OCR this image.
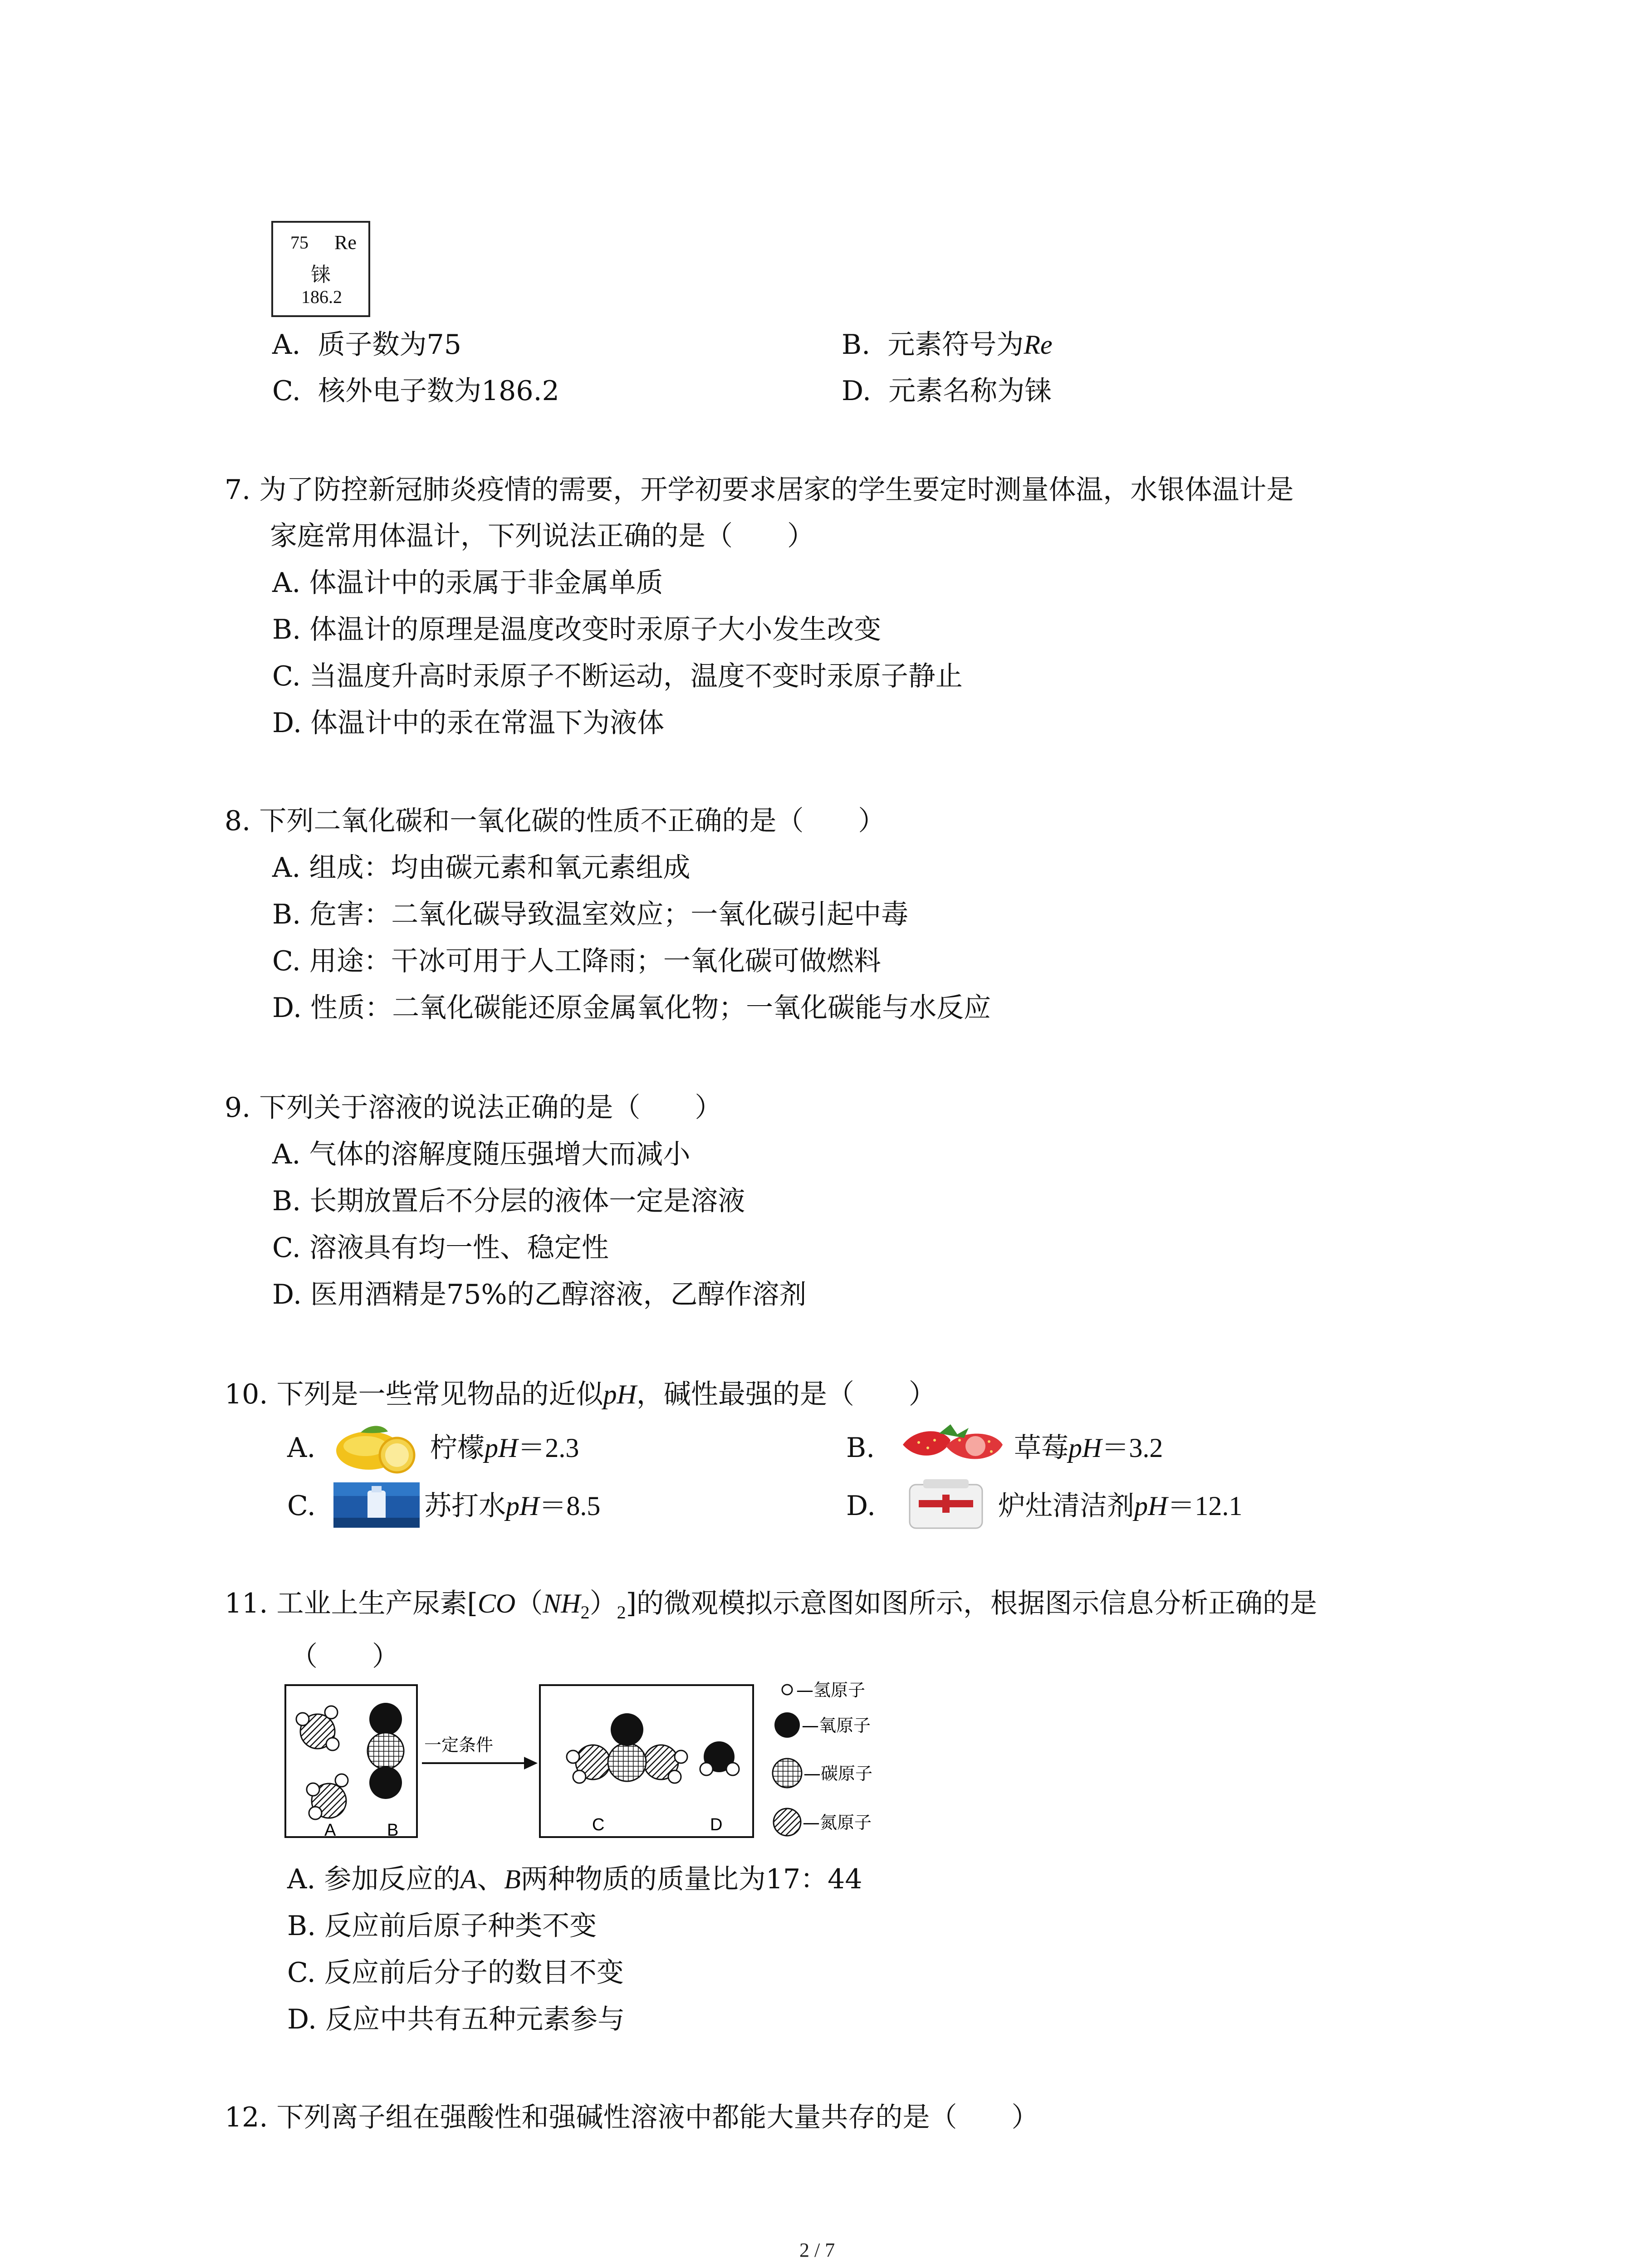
75 Re
铼
186.2
A. 质子数为75	B. 元素符号为Re
C. 核外电子数为186.2	D. 元素名称为铼
7. 为了防控新冠肺炎疫情的需要，开学初要求居家的学生要定时测量体温，水银体温计是
家庭常用体温计，下列说法正确的是（　　）
A. 体温计中的汞属于非金属单质
B. 体温计的原理是温度改变时汞原子大小发生改变
C. 当温度升高时汞原子不断运动，温度不变时汞原子静止
D. 体温计中的汞在常温下为液体
8. 下列二氧化碳和一氧化碳的性质不正确的是（　　）
A. 组成：均由碳元素和氧元素组成
B. 危害：二氧化碳导致温室效应；一氧化碳引起中毒
C. 用途：干冰可用于人工降雨；一氧化碳可做燃料
D. 性质：二氧化碳能还原金属氧化物；一氧化碳能与水反应
9. 下列关于溶液的说法正确的是（　　）
A. 气体的溶解度随压强增大而减小
B. 长期放置后不分层的液体一定是溶液
C. 溶液具有均一性、稳定性
D. 医用酒精是75%的乙醇溶液，乙醇作溶剂
10. 下列是一些常见物品的近似pH，碱性最强的是（　　）
A.	柠檬pH＝2.3	B.	草莓pH＝3.2
C.	苏打水pH＝8.5	D.	炉灶清洁剂pH＝12.1
11. 工业上生产尿素$[CO(NH_2)_2]$的微观模拟示意图如图所示，根据图示信息分析正确的是
（　　）
A	B
一定条件
C	D
—氢原子
—氧原子
—碳原子
—氮原子
A. 参加反应的A、B两种物质的质量比为17：44
B. 反应前后原子种类不变
C. 反应前后分子的数目不变
D. 反应中共有五种元素参与
12. 下列离子组在强酸性和强碱性溶液中都能大量共存的是（　　）
2 / 7
